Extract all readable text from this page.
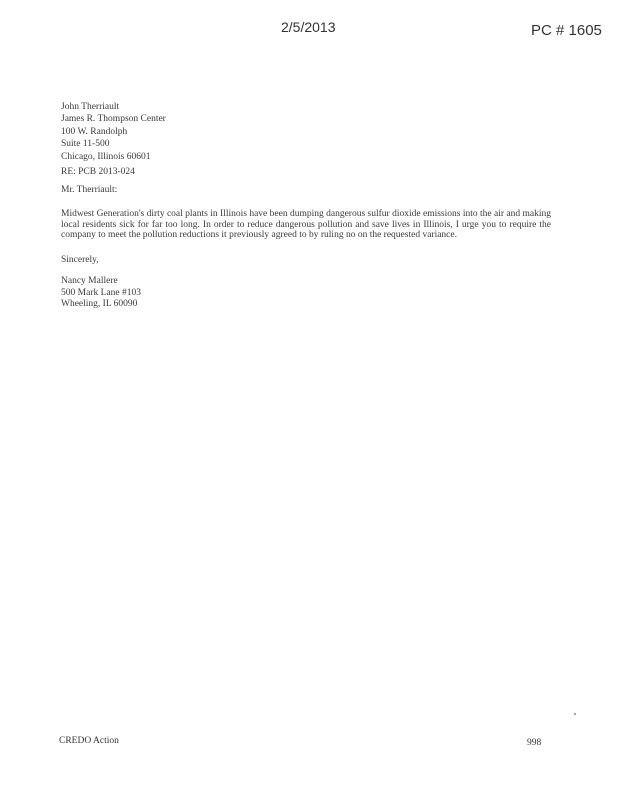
2/5/2013	PC # 1605
John Therriault
James R. Thompson Center
100 W. Randolph
Suite 11-500
Chicago, Illinois 60601
RE: PCB 2013-024
Mr. Therriault:
Midwest Generation's dirty coal plants in Illinois have been dumping dangerous sulfur dioxide emissions into the air and making local residents sick for far too long. In order to reduce dangerous pollution and save lives in Illinois, I urge you to require the company to meet the pollution reductions it previously agreed to by ruling no on the requested variance.
Sincerely,
Nancy Mallere
500 Mark Lane #103
Wheeling, IL 60090
CREDO Action	998
